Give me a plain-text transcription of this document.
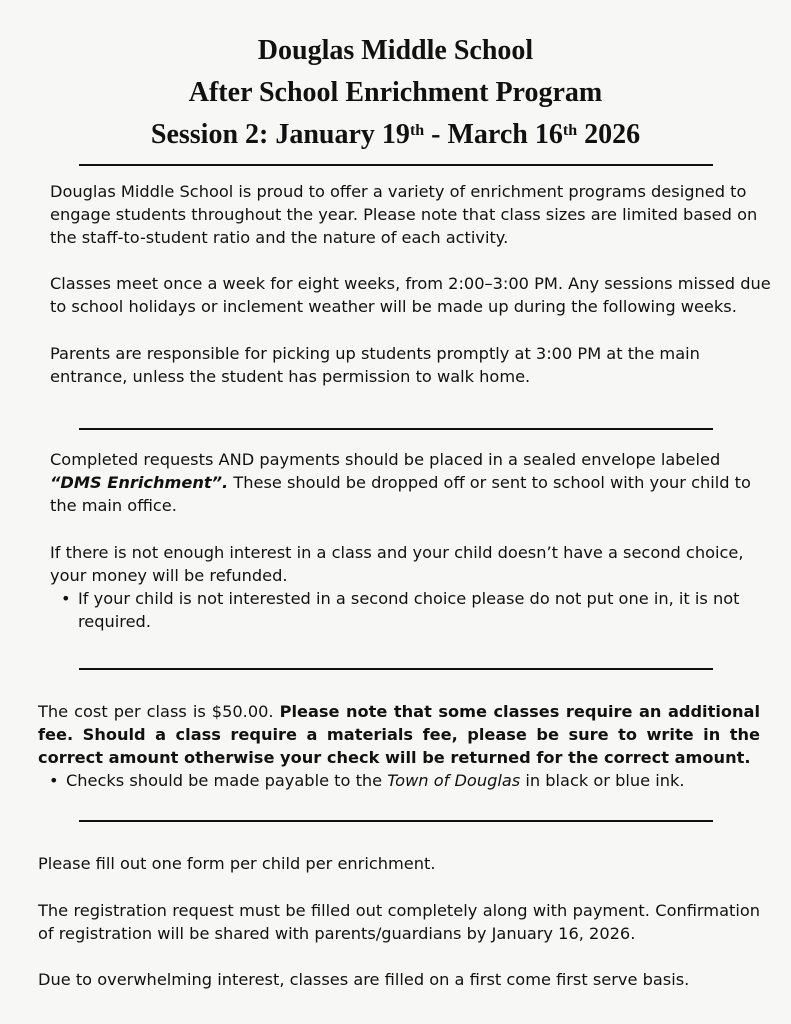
Douglas Middle School
After School Enrichment Program
Session 2: January 19th - March 16th 2026
Douglas Middle School is proud to offer a variety of enrichment programs designed to engage students throughout the year. Please note that class sizes are limited based on the staff-to-student ratio and the nature of each activity.
Classes meet once a week for eight weeks, from 2:00–3:00 PM. Any sessions missed due to school holidays or inclement weather will be made up during the following weeks.
Parents are responsible for picking up students promptly at 3:00 PM at the main entrance, unless the student has permission to walk home.
Completed requests AND payments should be placed in a sealed envelope labeled “DMS Enrichment”. These should be dropped off or sent to school with your child to the main office.
If there is not enough interest in a class and your child doesn’t have a second choice, your money will be refunded.
• If your child is not interested in a second choice please do not put one in, it is not required.
The cost per class is $50.00. Please note that some classes require an additional fee. Should a class require a materials fee, please be sure to write in the correct amount otherwise your check will be returned for the correct amount.
• Checks should be made payable to the Town of Douglas in black or blue ink.
Please fill out one form per child per enrichment.
The registration request must be filled out completely along with payment. Confirmation of registration will be shared with parents/guardians by January 16, 2026.
Due to overwhelming interest, classes are filled on a first come first serve basis.
